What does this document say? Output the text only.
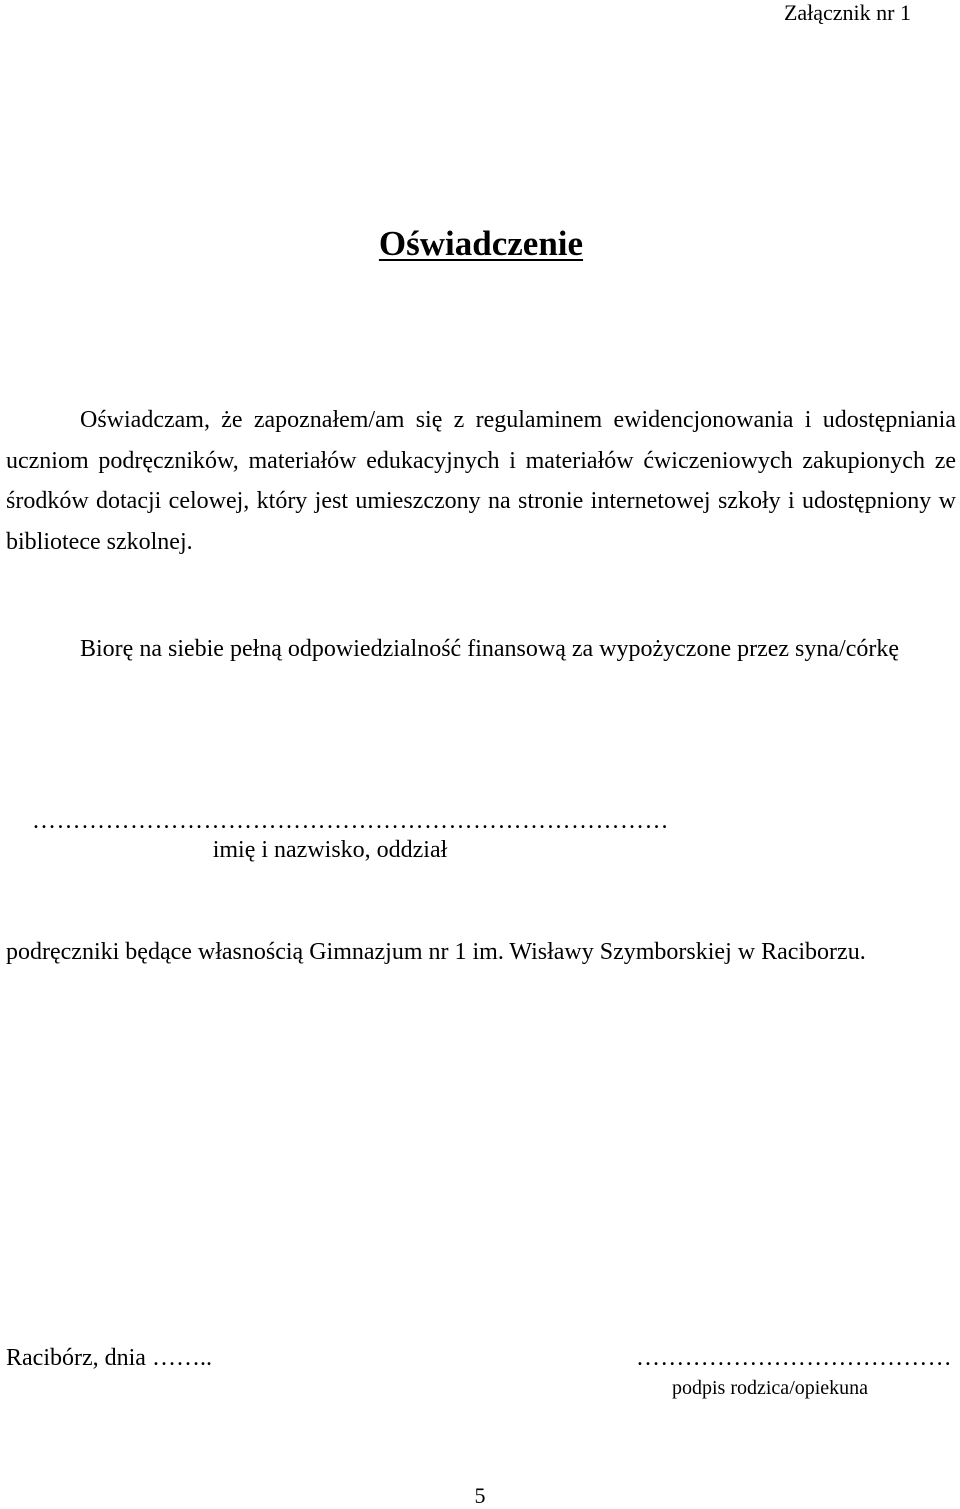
Załącznik nr 1
Oświadczenie
Oświadczam, że zapoznałem/am się z regulaminem ewidencjonowania i udostępniania uczniom podręczników, materiałów edukacyjnych i materiałów ćwiczeniowych zakupionych ze środków dotacji celowej, który jest umieszczony na stronie internetowej szkoły i udostępniony w bibliotece szkolnej.
Biorę na siebie pełną odpowiedzialność finansową za wypożyczone przez syna/córkę
……………………………………………………………………
imię i nazwisko, oddział
podręczniki będące własnością Gimnazjum nr 1 im. Wisławy Szymborskiej w Raciborzu.
Racibórz, dnia ……..	…………………………………
podpis rodzica/opiekuna
5
